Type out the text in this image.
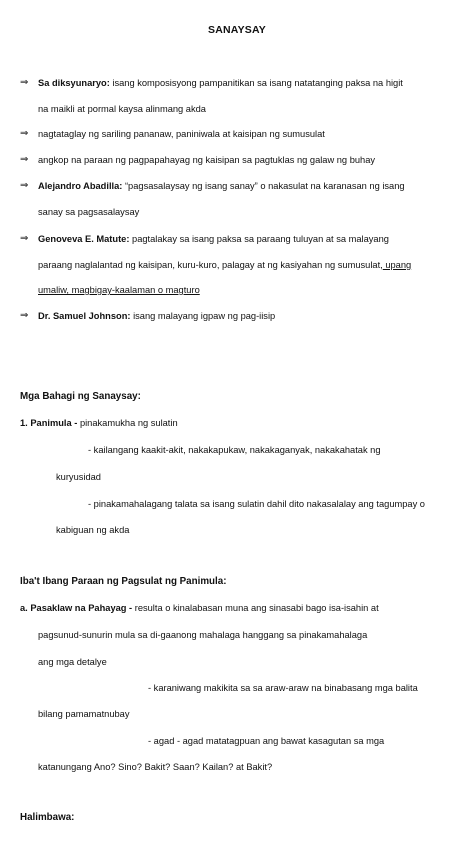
SANAYSAY
⇒ Sa diksyunaryo: isang komposisyong pampanitikan sa isang natatanging paksa na higit
na maikli at pormal kaysa alinmang akda
⇒ nagtataglay ng sariling pananaw, paniniwala at kaisipan ng sumusulat
⇒ angkop na paraan ng pagpapahayag ng kaisipan sa pagtuklas ng galaw ng buhay
⇒ Alejandro Abadilla: “pagsasalaysay ng isang sanay” o nakasulat na karanasan ng isang
sanay sa pagsasalaysay
⇒ Genoveva E. Matute: pagtalakay sa isang paksa sa paraang tuluyan at sa malayang
paraang naglalantad ng kaisipan, kuru-kuro, palagay at ng kasiyahan ng sumusulat, upang
umaliw, magbigay-kaalaman o magturo
⇒ Dr. Samuel Johnson: isang malayang igpaw ng pag-iisip
Mga Bahagi ng Sanaysay:
1. Panimula - pinakamukha ng sulatin
- kailangang kaakit-akit, nakakapukaw, nakakaganyak, nakakahatak ng
kuryusidad
- pinakamahalagang talata sa isang sulatin dahil dito nakasalalay ang tagumpay o
kabiguan ng akda
Iba't Ibang Paraan ng Pagsulat ng Panimula:
a. Pasaklaw na Pahayag - resulta o kinalabasan muna ang sinasabi bago isa-isahin at
pagsunud-sunurin mula sa di-gaanong mahalaga hanggang sa pinakamahalaga
ang mga detalye
- karaniwang makikita sa sa araw-araw na binabasang mga balita
bilang pamamatnubay
- agad - agad matatagpuan ang bawat kasagutan sa mga
katanungang Ano? Sino? Bakit? Saan? Kailan? at Bakit?
Halimbawa:
